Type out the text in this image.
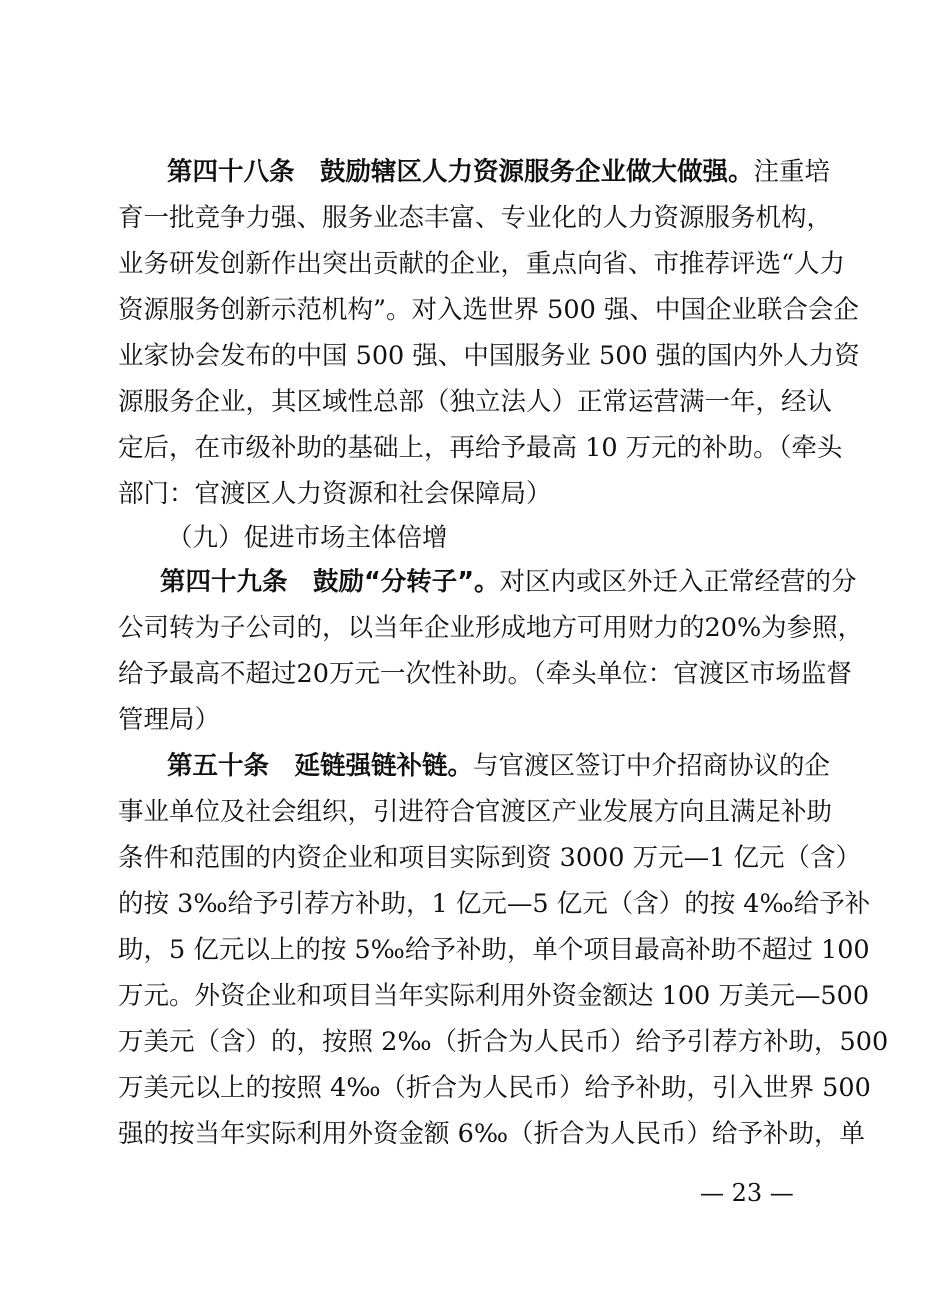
第四十八条　鼓励辖区人力资源服务企业做大做强。注重培
育一批竞争力强、服务业态丰富、专业化的人力资源服务机构，
业务研发创新作出突出贡献的企业，重点向省、市推荐评选“人力
资源服务创新示范机构”。对入选世界 500 强、中国企业联合会企
业家协会发布的中国 500 强、中国服务业 500 强的国内外人力资
源服务企业，其区域性总部（独立法人）正常运营满一年，经认
定后，在市级补助的基础上，再给予最高 10 万元的补助。（牵头
部门：官渡区人力资源和社会保障局）
（九）促进市场主体倍增
第四十九条　鼓励“分转子”。对区内或区外迁入正常经营的分
公司转为子公司的，以当年企业形成地方可用财力的20%为参照，
给予最高不超过20万元一次性补助。（牵头单位：官渡区市场监督
管理局）
第五十条　延链强链补链。与官渡区签订中介招商协议的企
事业单位及社会组织，引进符合官渡区产业发展方向且满足补助
条件和范围的内资企业和项目实际到资 3000 万元—1 亿元（含）
的按 3‰给予引荐方补助，1 亿元—5 亿元（含）的按 4‰给予补
助，5 亿元以上的按 5‰给予补助，单个项目最高补助不超过 100
万元。外资企业和项目当年实际利用外资金额达 100 万美元—500
万美元（含）的，按照 2‰（折合为人民币）给予引荐方补助，500
万美元以上的按照 4‰（折合为人民币）给予补助，引入世界 500
强的按当年实际利用外资金额 6‰（折合为人民币）给予补助，单
— 23 —
